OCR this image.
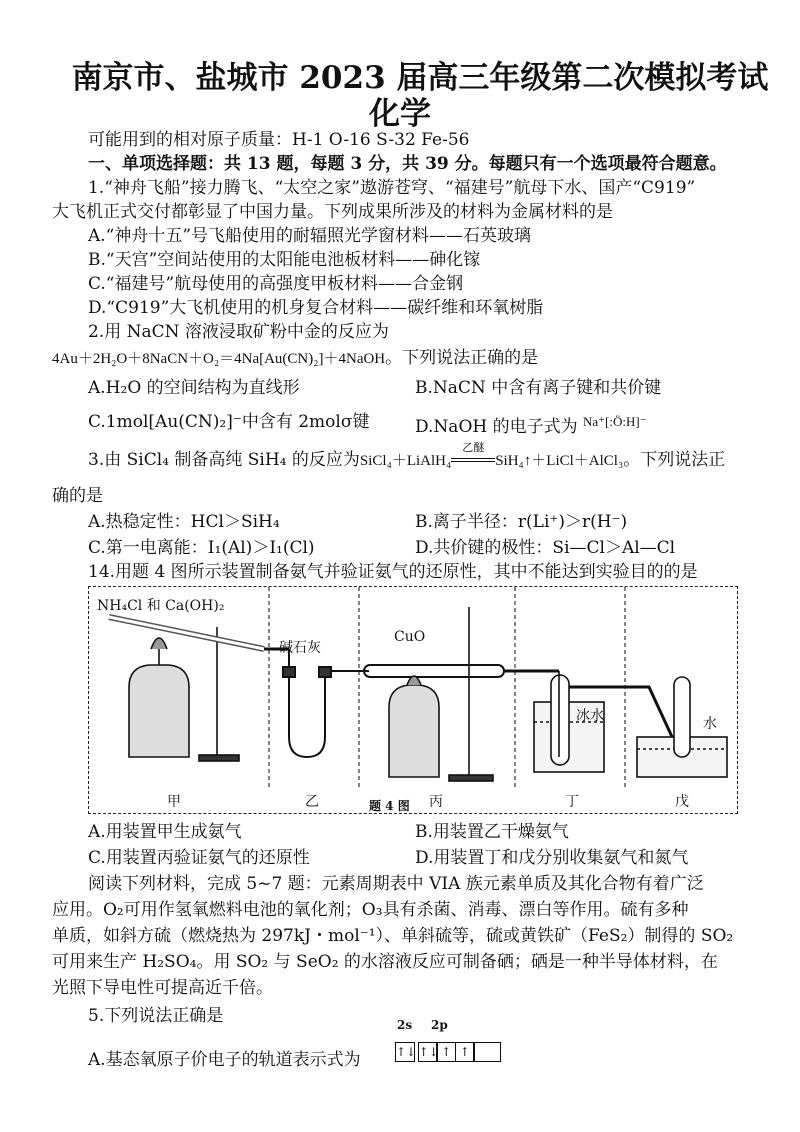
南京市、盐城市 2023 届高三年级第二次模拟考试
化学
可能用到的相对原子质量：H-1 O-16 S-32 Fe-56
一、单项选择题：共 13 题，每题 3 分，共 39 分。每题只有一个选项最符合题意。
1.“神舟飞船”接力腾飞、“太空之家”遨游苍穹、“福建号”航母下水、国产“C919”
大飞机正式交付都彰显了中国力量。下列成果所涉及的材料为金属材料的是
A.“神舟十五”号飞船使用的耐辐照光学窗材料——石英玻璃
B.“天宫”空间站使用的太阳能电池板材料——砷化镓
C.“福建号”航母使用的高强度甲板材料——合金钢
D.“C919”大飞机使用的机身复合材料——碳纤维和环氧树脂
2.用 NaCN 溶液浸取矿粉中金的反应为
4Au＋2H₂O＋8NaCN＋O₂＝4Na[Au(CN)₂]＋4NaOH。下列说法正确的是
A.H₂O 的空间结构为直线形	B.NaCN 中含有离子键和共价键
C.1mol[Au(CN)₂]⁻中含有 2molσ键	D.NaOH 的电子式为 $^{Na^+[:Ö:H]^-}$
3.由 SiCl₄ 制备高纯 SiH₄ 的反应为SiCl₄＋LiAlH₄
乙醚
SiH₄↑＋LiCl＋AlCl₃。下列说法正
确的是
A.热稳定性：HCl＞SiH₄	B.离子半径：r(Li⁺)＞r(H⁻)
C.第一电离能：I₁(Al)＞I₁(Cl)	D.共价键的极性：Si—Cl＞Al—Cl
14.用题 4 图所示装置制备氨气并验证氨气的还原性，其中不能达到实验目的的是
NH₄Cl 和 Ca(OH)₂
碱石灰
CuO
冰水	水
甲	乙	丙	丁	戊
题 4 图
A.用装置甲生成氨气	B.用装置乙干燥氨气
C.用装置丙验证氨气的还原性	D.用装置丁和戊分别收集氨气和氮气
阅读下列材料，完成 5~7 题：元素周期表中 VIA 族元素单质及其化合物有着广泛
应用。O₂可用作氢氧燃料电池的氧化剂；O₃具有杀菌、消毒、漂白等作用。硫有多种
单质，如斜方硫（燃烧热为 297kJ・mol⁻¹）、单斜硫等，硫或黄铁矿（FeS₂）制得的 SO₂
可用来生产 H₂SO₄。用 SO₂ 与 SeO₂ 的水溶液反应可制备硒；硒是一种半导体材料，在
光照下导电性可提高近千倍。
5.下列说法正确是
A.基态氧原子价电子的轨道表示式为
2s 2p
↑↓ ↑↓ ↑ ↑
